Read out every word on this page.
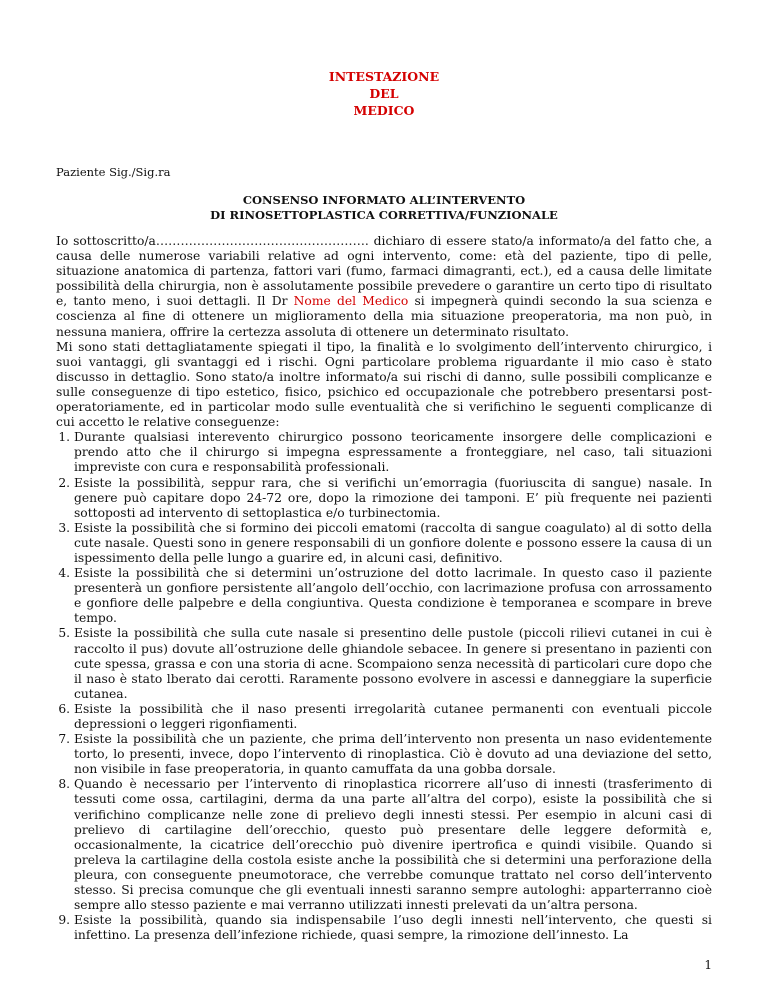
INTESTAZIONE
DEL
MEDICO
Paziente Sig./Sig.ra
CONSENSO INFORMATO ALL’INTERVENTO
DI RINOSETTOPLASTICA CORRETTIVA/FUNZIONALE

Io sottoscritto/a……………………………………………. dichiaro di essere stato/a informato/a del fatto che, a causa delle numerose variabili relative ad ogni intervento, come: età del paziente, tipo di pelle, situazione anatomica di partenza, fattori vari (fumo, farmaci dimagranti, ect.), ed a causa delle limitate possibilità della chirurgia, non è assolutamente possibile prevedere o garantire un certo tipo di risultato e, tanto meno, i suoi dettagli. Il Dr Nome del Medico si impegnerà quindi secondo la sua scienza e coscienza al fine di ottenere un miglioramento della mia situazione preoperatoria, ma non può, in nessuna maniera, offrire la certezza assoluta di ottenere un determinato risultato.

Mi sono stati dettagliatamente spiegati il tipo, la finalità e lo svolgimento dell’intervento chirurgico, i suoi vantaggi, gli svantaggi ed i rischi. Ogni particolare problema riguardante il mio caso è stato discusso in dettaglio. Sono stato/a inoltre informato/a sui rischi di danno, sulle possibili complicanze e sulle conseguenze di tipo estetico, fisico, psichico ed occupazionale che potrebbero presentarsi post-operatoriamente, ed in particolar modo sulle eventualità che si verifichino le seguenti complicanze di cui accetto le relative conseguenze:

1. Durante qualsiasi interevento chirurgico possono teoricamente insorgere delle complicazioni e prendo atto che il chirurgo si impegna espressamente a fronteggiare, nel caso, tali situazioni impreviste con cura e responsabilità professionali.
2. Esiste la possibilità, seppur rara, che si verifichi un’emorragia (fuoriuscita di sangue) nasale. In genere può capitare dopo 24-72 ore, dopo la rimozione dei tamponi. E’ più frequente nei pazienti sottoposti ad intervento di settoplastica e/o turbinectomia.
3. Esiste la possibilità che si formino dei piccoli ematomi (raccolta di sangue coagulato) al di sotto della cute nasale. Questi sono in genere responsabili di un gonfiore dolente e possono essere la causa di un ispessimento della pelle lungo a guarire ed, in alcuni casi, definitivo.
4. Esiste la possibilità che si determini un’ostruzione del dotto lacrimale. In questo caso il paziente presenterà un gonfiore persistente all’angolo dell’occhio, con lacrimazione profusa con arrossamento e gonfiore delle palpebre e della congiuntiva. Questa condizione è temporanea e scompare in breve tempo.
5. Esiste la possibilità che sulla cute nasale si presentino delle pustole (piccoli rilievi cutanei in cui è raccolto il pus) dovute all’ostruzione delle ghiandole sebacee. In genere si presentano in pazienti con cute spessa, grassa e con una storia di acne. Scompaiono senza necessità di particolari cure dopo che il naso è stato lberato dai cerotti. Raramente possono evolvere in ascessi e danneggiare la superficie cutanea.
6. Esiste la possibilità che il naso presenti irregolarità cutanee permanenti con eventuali piccole depressioni o leggeri rigonfiamenti.
7. Esiste la possibilità che un paziente, che prima dell’intervento non presenta un naso evidentemente torto, lo presenti, invece, dopo l’intervento di rinoplastica. Ciò è dovuto ad una deviazione del setto, non visibile in fase preoperatoria, in quanto camuffata da una gobba dorsale.
8. Quando è necessario per l’intervento di rinoplastica ricorrere all’uso di innesti (trasferimento di tessuti come ossa, cartilagini, derma da una parte all’altra del corpo), esiste la possibilità che si verifichino complicanze nelle zone di prelievo degli innesti stessi. Per esempio in alcuni casi di prelievo di cartilagine dell’orecchio, questo può presentare delle leggere deformità e, occasionalmente, la cicatrice dell’orecchio può divenire ipertrofica e quindi visibile. Quando si preleva la cartilagine della costola esiste anche la possibilità che si determini una perforazione della pleura, con conseguente pneumotorace, che verrebbe comunque trattato nel corso dell’intervento stesso. Si precisa comunque che gli eventuali innesti saranno sempre autologhi: apparterranno cioè sempre allo stesso paziente e mai verranno utilizzati innesti prelevati da un’altra persona.
9. Esiste la possibilità, quando sia indispensabile l’uso degli innesti nell’intervento, che questi si infettino. La presenza dell’infezione richiede, quasi sempre, la rimozione dell’innesto. La
1
